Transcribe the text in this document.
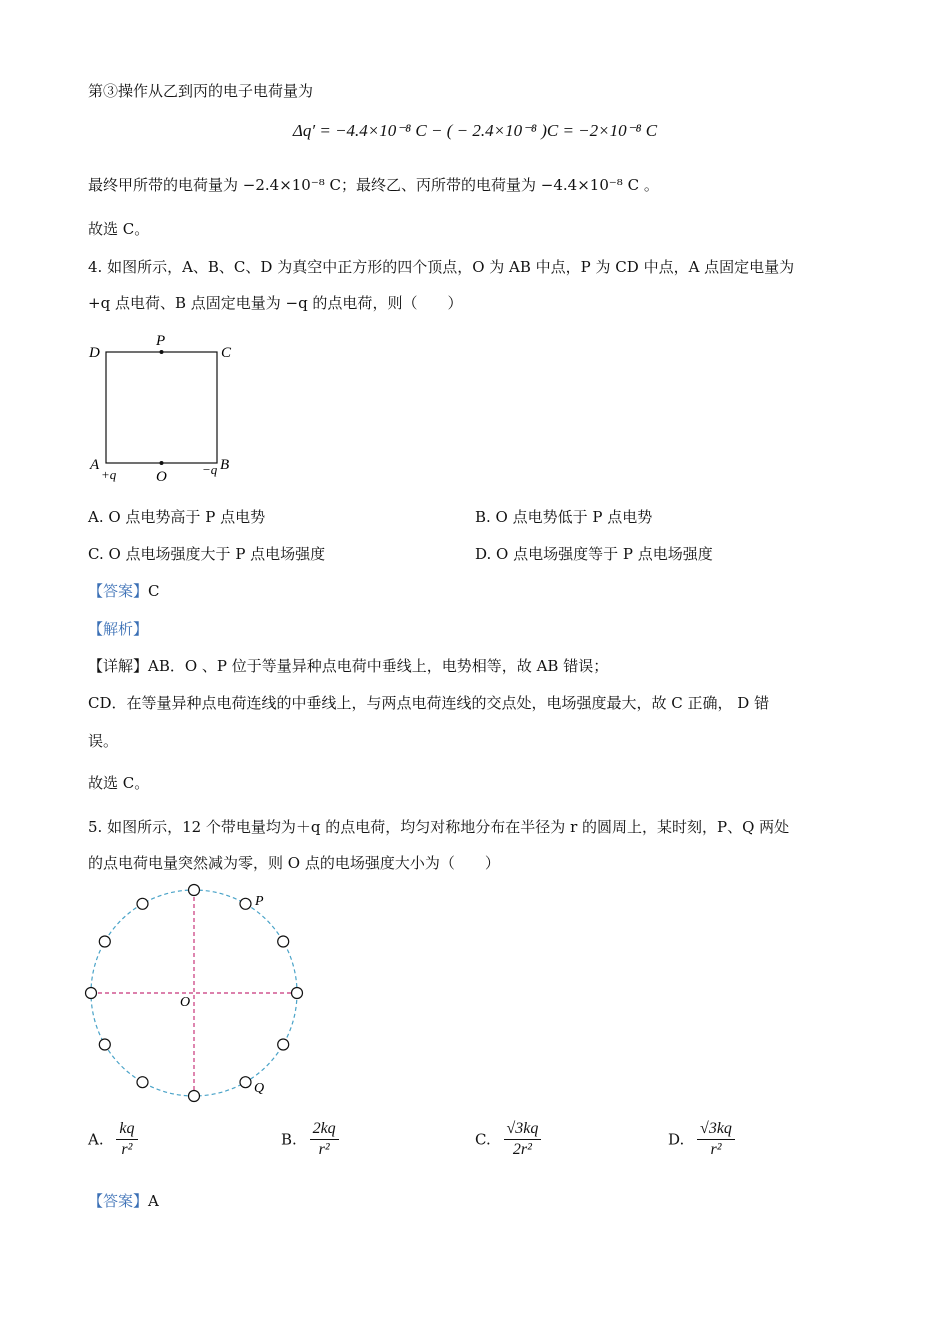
第③操作从乙到丙的电子电荷量为
Δq′ = −4.4×10⁻⁸ C − ( − 2.4×10⁻⁸ )C = −2×10⁻⁸ C
最终甲所带的电荷量为 −2.4×10⁻⁸ C；最终乙、丙所带的电荷量为 −4.4×10⁻⁸ C 。
故选 C。
4. 如图所示，A、B、C、D 为真空中正方形的四个顶点，O 为 AB 中点，P 为 CD 中点，A 点固定电量为
+q 点电荷、B 点固定电量为 −q 的点电荷，则（　　）
D	C
P
A	B
O
+q	−q
A. O 点电势高于 P 点电势	B. O 点电势低于 P 点电势
C. O 点电场强度大于 P 点电场强度	D. O 点电场强度等于 P 点电场强度
【答案】C
【解析】
【详解】AB．O 、P 位于等量异种点电荷中垂线上，电势相等，故 AB 错误；
CD．在等量异种点电荷连线的中垂线上，与两点电荷连线的交点处，电场强度最大，故 C 正确， D 错
误。
故选 C。
5. 如图所示，12 个带电量均为＋q 的点电荷，均匀对称地分布在半径为 r 的圆周上，某时刻，P、Q 两处
的点电荷电量突然减为零，则 O 点的电场强度大小为（　　）
P
Q
O
A. $\frac{kq}{\text{r²}}$	B. $\frac{2kq}{\text{r²}}$	C. $\frac{√3kq}{\text{2r²}}$	D. $\frac{√3kq}{\text{r²}}$
【答案】A
